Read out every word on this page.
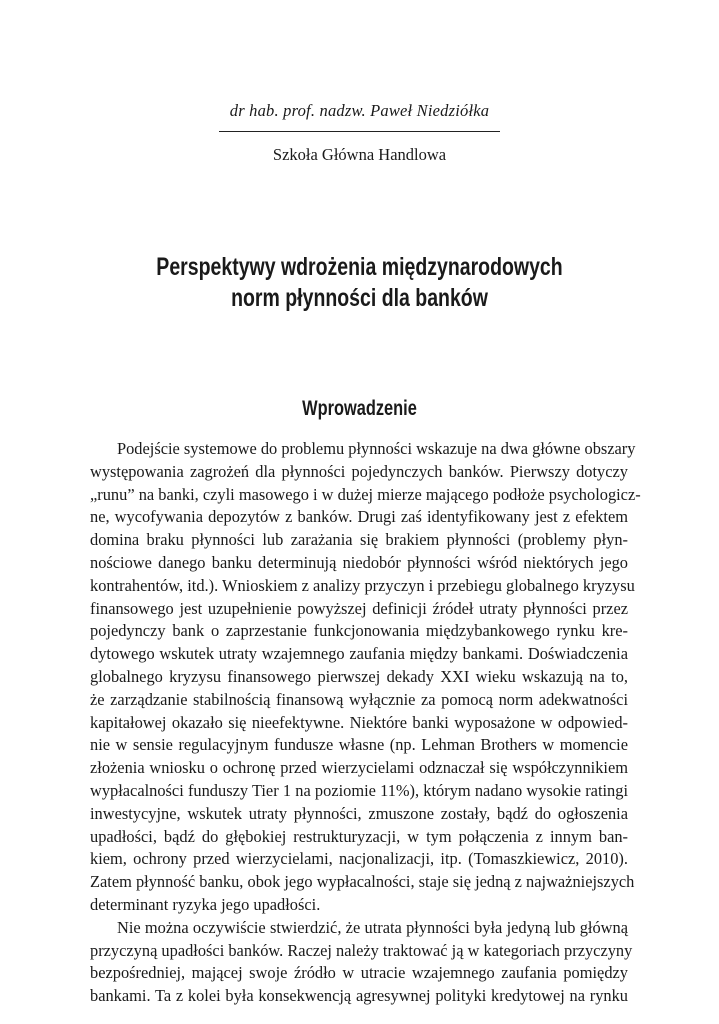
dr hab. prof. nadzw. Paweł Niedziółka
Szkoła Główna Handlowa
Perspektywy wdrożenia międzynarodowych
norm płynności dla banków
Wprowadzenie
Podejście systemowe do problemu płynności wskazuje na dwa główne obszary
występowania zagrożeń dla płynności pojedynczych banków. Pierwszy dotyczy
„runu” na banki, czyli masowego i w dużej mierze mającego podłoże psychologicz-
ne, wycofywania depozytów z banków. Drugi zaś identyfikowany jest z efektem
domina braku płynności lub zarażania się brakiem płynności (problemy płyn-
nościowe danego banku determinują niedobór płynności wśród niektórych jego
kontrahentów, itd.). Wnioskiem z analizy przyczyn i przebiegu globalnego kryzysu
finansowego jest uzupełnienie powyższej definicji źródeł utraty płynności przez
pojedynczy bank o zaprzestanie funkcjonowania międzybankowego rynku kre-
dytowego wskutek utraty wzajemnego zaufania między bankami. Doświadczenia
globalnego kryzysu finansowego pierwszej dekady XXI wieku wskazują na to,
że zarządzanie stabilnością finansową wyłącznie za pomocą norm adekwatności
kapitałowej okazało się nieefektywne. Niektóre banki wyposażone w odpowied-
nie w sensie regulacyjnym fundusze własne (np. Lehman Brothers w momencie
złożenia wniosku o ochronę przed wierzycielami odznaczał się współczynnikiem
wypłacalności funduszy Tier 1 na poziomie 11%), którym nadano wysokie ratingi
inwestycyjne, wskutek utraty płynności, zmuszone zostały, bądź do ogłoszenia
upadłości, bądź do głębokiej restrukturyzacji, w tym połączenia z innym ban-
kiem, ochrony przed wierzycielami, nacjonalizacji, itp. (Tomaszkiewicz, 2010).
Zatem płynność banku, obok jego wypłacalności, staje się jedną z najważniejszych
determinant ryzyka jego upadłości.
Nie można oczywiście stwierdzić, że utrata płynności była jedyną lub główną
przyczyną upadłości banków. Raczej należy traktować ją w kategoriach przyczyny
bezpośredniej, mającej swoje źródło w utracie wzajemnego zaufania pomiędzy
bankami. Ta z kolei była konsekwencją agresywnej polityki kredytowej na rynku
